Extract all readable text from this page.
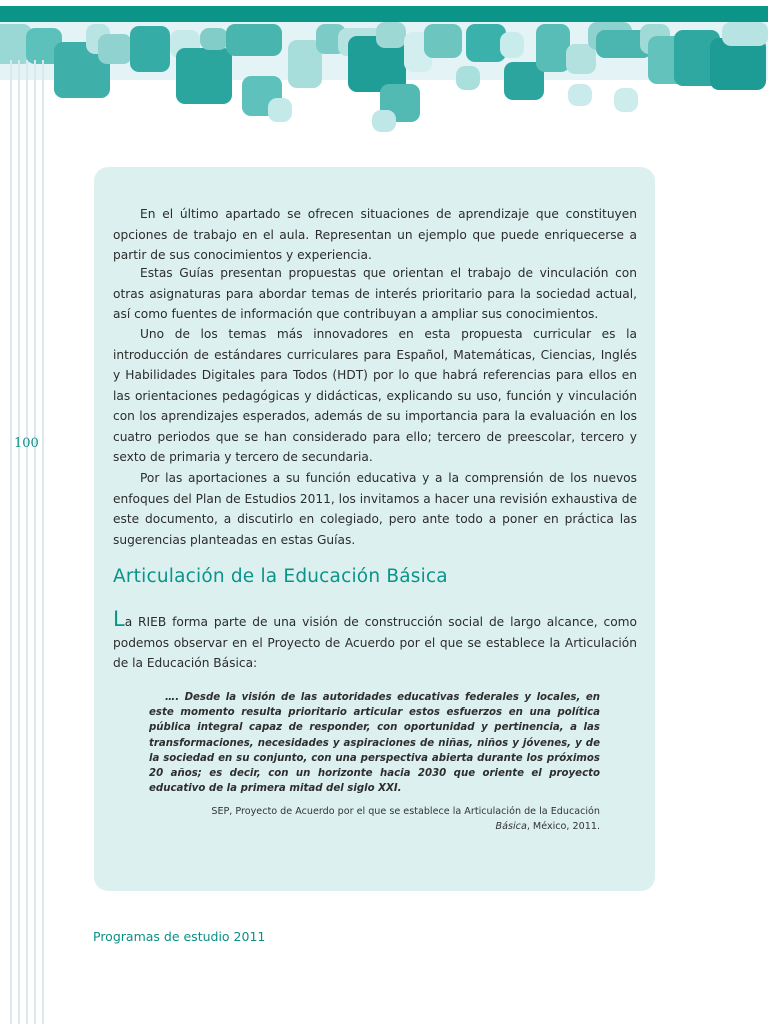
100

En el último apartado se ofrecen situaciones de aprendizaje que constituyen opciones de trabajo en el aula. Representan un ejemplo que puede enriquecerse a partir de sus conocimientos y experiencia.

Estas Guías presentan propuestas que orientan el trabajo de vinculación con otras asignaturas para abordar temas de interés prioritario para la sociedad actual, así como fuentes de información que contribuyan a ampliar sus conocimientos.

Uno de los temas más innovadores en esta propuesta curricular es la introducción de estándares curriculares para Español, Matemáticas, Ciencias, Inglés y Habilidades Digitales para Todos (HDT) por lo que habrá referencias para ellos en las orientaciones pedagógicas y didácticas, explicando su uso, función y vinculación con los aprendizajes esperados, además de su importancia para la evaluación en los cuatro periodos que se han considerado para ello; tercero de preescolar, tercero y sexto de primaria y tercero de secundaria.

Por las aportaciones a su función educativa y a la comprensión de los nuevos enfoques del Plan de Estudios 2011, los invitamos a hacer una revisión exhaustiva de este documento, a discutirlo en colegiado, pero ante todo a poner en práctica las sugerencias planteadas en estas Guías.

Articulación de la Educación Básica

La RIEB forma parte de una visión de construcción social de largo alcance, como podemos observar en el Proyecto de Acuerdo por el que se establece la Articulación de la Educación Básica:

…. Desde la visión de las autoridades educativas federales y locales, en este momento resulta prioritario articular estos esfuerzos en una política pública integral capaz de responder, con oportunidad y pertinencia, a las transformaciones, necesidades y aspiraciones de niñas, niños y jóvenes, y de la sociedad en su conjunto, con una perspectiva abierta durante los próximos 20 años; es decir, con un horizonte hacia 2030 que oriente el proyecto educativo de la primera mitad del siglo XXI.

SEP, Proyecto de Acuerdo por el que se establece la Articulación de la Educación Básica, México, 2011.

Programas de estudio 2011
